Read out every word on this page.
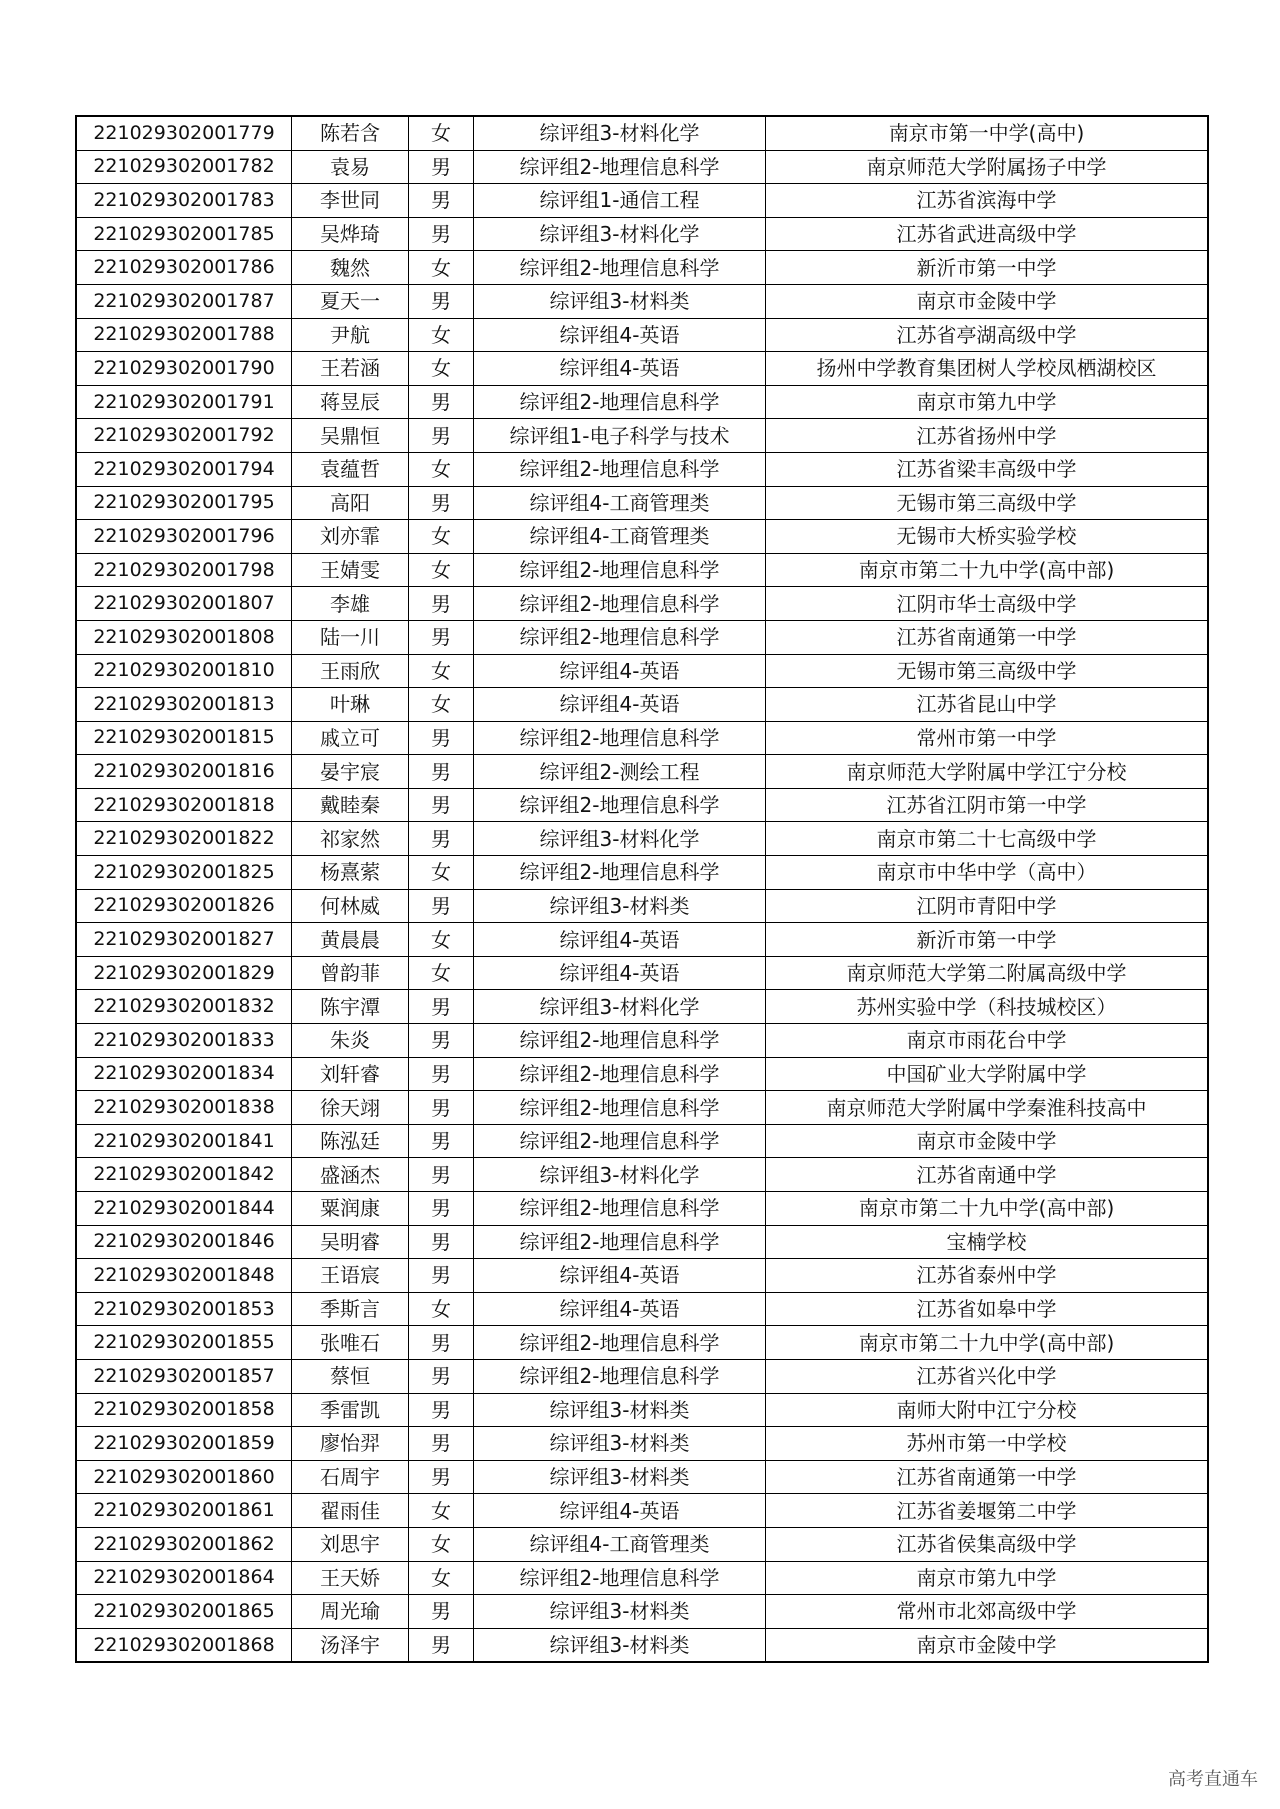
221029302001779	陈若含	女	综评组3-材料化学	南京市第一中学(高中)
221029302001782	袁易	男	综评组2-地理信息科学	南京师范大学附属扬子中学
221029302001783	李世同	男	综评组1-通信工程	江苏省滨海中学
221029302001785	吴烨琦	男	综评组3-材料化学	江苏省武进高级中学
221029302001786	魏然	女	综评组2-地理信息科学	新沂市第一中学
221029302001787	夏天一	男	综评组3-材料类	南京市金陵中学
221029302001788	尹航	女	综评组4-英语	江苏省亭湖高级中学
221029302001790	王若涵	女	综评组4-英语	扬州中学教育集团树人学校凤栖湖校区
221029302001791	蒋昱辰	男	综评组2-地理信息科学	南京市第九中学
221029302001792	吴鼎恒	男	综评组1-电子科学与技术	江苏省扬州中学
221029302001794	袁蕴哲	女	综评组2-地理信息科学	江苏省梁丰高级中学
221029302001795	高阳	男	综评组4-工商管理类	无锡市第三高级中学
221029302001796	刘亦霏	女	综评组4-工商管理类	无锡市大桥实验学校
221029302001798	王婧雯	女	综评组2-地理信息科学	南京市第二十九中学(高中部)
221029302001807	李雄	男	综评组2-地理信息科学	江阴市华士高级中学
221029302001808	陆一川	男	综评组2-地理信息科学	江苏省南通第一中学
221029302001810	王雨欣	女	综评组4-英语	无锡市第三高级中学
221029302001813	叶琳	女	综评组4-英语	江苏省昆山中学
221029302001815	戚立可	男	综评组2-地理信息科学	常州市第一中学
221029302001816	晏宇宸	男	综评组2-测绘工程	南京师范大学附属中学江宁分校
221029302001818	戴睦秦	男	综评组2-地理信息科学	江苏省江阴市第一中学
221029302001822	祁家然	男	综评组3-材料化学	南京市第二十七高级中学
221029302001825	杨熹萦	女	综评组2-地理信息科学	南京市中华中学（高中）
221029302001826	何林威	男	综评组3-材料类	江阴市青阳中学
221029302001827	黄晨晨	女	综评组4-英语	新沂市第一中学
221029302001829	曾韵菲	女	综评组4-英语	南京师范大学第二附属高级中学
221029302001832	陈宇潭	男	综评组3-材料化学	苏州实验中学（科技城校区）
221029302001833	朱炎	男	综评组2-地理信息科学	南京市雨花台中学
221029302001834	刘轩睿	男	综评组2-地理信息科学	中国矿业大学附属中学
221029302001838	徐天翊	男	综评组2-地理信息科学	南京师范大学附属中学秦淮科技高中
221029302001841	陈泓廷	男	综评组2-地理信息科学	南京市金陵中学
221029302001842	盛涵杰	男	综评组3-材料化学	江苏省南通中学
221029302001844	粟润康	男	综评组2-地理信息科学	南京市第二十九中学(高中部)
221029302001846	吴明睿	男	综评组2-地理信息科学	宝楠学校
221029302001848	王语宸	男	综评组4-英语	江苏省泰州中学
221029302001853	季斯言	女	综评组4-英语	江苏省如皋中学
221029302001855	张唯石	男	综评组2-地理信息科学	南京市第二十九中学(高中部)
221029302001857	蔡恒	男	综评组2-地理信息科学	江苏省兴化中学
221029302001858	季雷凯	男	综评组3-材料类	南师大附中江宁分校
221029302001859	廖怡羿	男	综评组3-材料类	苏州市第一中学校
221029302001860	石周宇	男	综评组3-材料类	江苏省南通第一中学
221029302001861	翟雨佳	女	综评组4-英语	江苏省姜堰第二中学
221029302001862	刘思宇	女	综评组4-工商管理类	江苏省侯集高级中学
221029302001864	王天娇	女	综评组2-地理信息科学	南京市第九中学
221029302001865	周光瑜	男	综评组3-材料类	常州市北郊高级中学
221029302001868	汤泽宇	男	综评组3-材料类	南京市金陵中学
高考直通车
